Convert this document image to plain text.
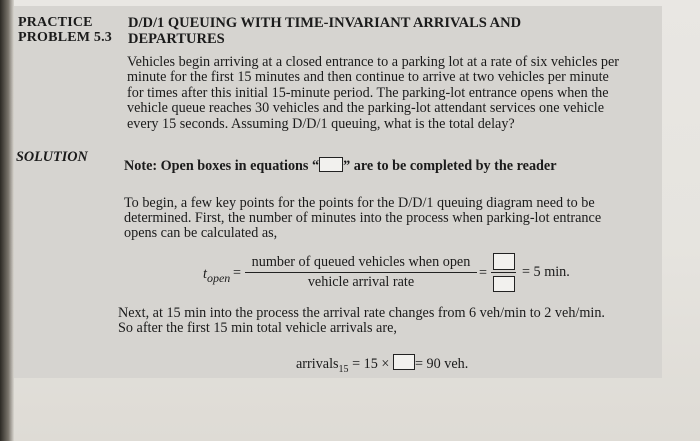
PRACTICE
PROBLEM 5.3
D/D/1 QUEUING WITH TIME-INVARIANT ARRIVALS AND
DEPARTURES
Vehicles begin arriving at a closed entrance to a parking lot at a rate of six vehicles per
minute for the first 15 minutes and then continue to arrive at two vehicles per minute
for times after this initial 15-minute period. The parking-lot entrance opens when the
vehicle queue reaches 30 vehicles and the parking-lot attendant services one vehicle
every 15 seconds. Assuming D/D/1 queuing, what is the total delay?
SOLUTION
Note: Open boxes in equations “ ” are to be completed by the reader
To begin, a few key points for the points for the D/D/1 queuing diagram need to be
determined. First, the number of minutes into the process when parking-lot entrance
opens can be calculated as,
$t_{open}$ =
number of queued vehicles when open
vehicle arrival rate
= = 5 min.
Next, at 15 min into the process the arrival rate changes from 6 veh/min to 2 veh/min.
So after the first 15 min total vehicle arrivals are,
arrivals$_{15}$ = 15 × = 90 veh.
